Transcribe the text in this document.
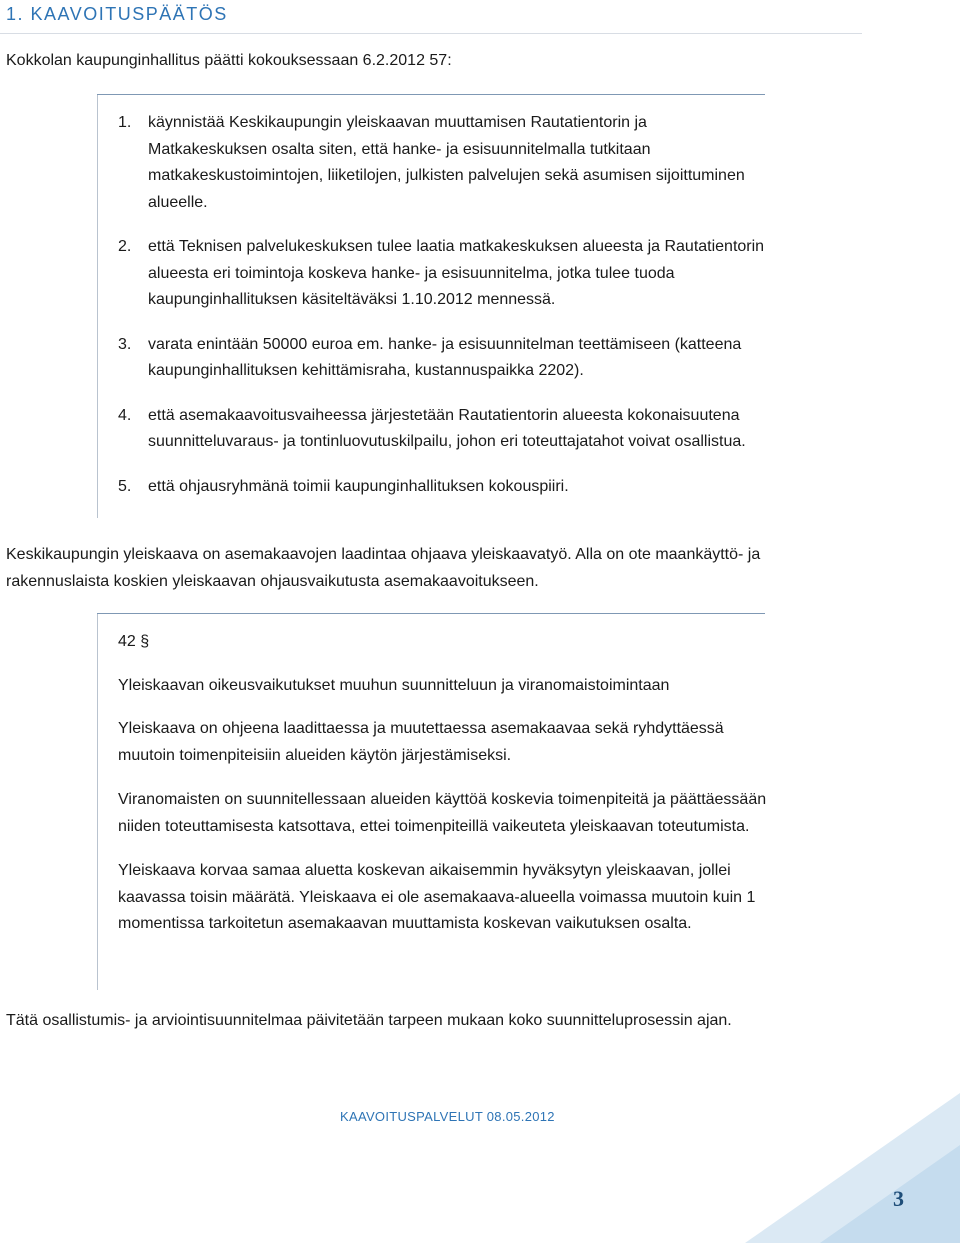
1. KAAVOITUSPÄÄTÖS

Kokkolan kaupunginhallitus päätti kokouksessaan 6.2.2012 57:

1. käynnistää Keskikaupungin yleiskaavan muuttamisen Rautatientorin ja Matkakeskuksen osalta siten, että hanke- ja esisuunnitelmalla tutkitaan matkakeskustoimintojen, liiketilojen, julkisten palvelujen sekä asumisen sijoittuminen alueelle.
2. että Teknisen palvelukeskuksen tulee laatia matkakeskuksen alueesta ja Rautatientorin alueesta eri toimintoja koskeva hanke- ja esisuunnitelma, jotka tulee tuoda kaupunginhallituksen käsiteltäväksi 1.10.2012 mennessä.
3. varata enintään 50000 euroa em. hanke- ja esisuunnitelman teettämiseen (katteena kaupunginhallituksen kehittämisraha, kustannuspaikka 2202).
4. että asemakaavoitusvaiheessa järjestetään Rautatientorin alueesta kokonaisuutena suunnitteluvaraus- ja tontinluovutuskilpailu, johon eri toteuttajatahot voivat osallistua.
5. että ohjausryhmänä toimii kaupunginhallituksen kokouspiiri.

Keskikaupungin yleiskaava on asemakaavojen laadintaa ohjaava yleiskaavatyö. Alla on ote maankäyttö- ja rakennuslaista koskien yleiskaavan ohjausvaikutusta asemakaavoitukseen.

42 §

Yleiskaavan oikeusvaikutukset muuhun suunnitteluun ja viranomaistoimintaan

Yleiskaava on ohjeena laadittaessa ja muutettaessa asemakaavaa sekä ryhdyttäessä muutoin toimenpiteisiin alueiden käytön järjestämiseksi.

Viranomaisten on suunnitellessaan alueiden käyttöä koskevia toimenpiteitä ja päättäessään niiden toteuttamisesta katsottava, ettei toimenpiteillä vaikeuteta yleiskaavan toteutumista.

Yleiskaava korvaa samaa aluetta koskevan aikaisemmin hyväksytyn yleiskaavan, jollei kaavassa toisin määrätä. Yleiskaava ei ole asemakaava-alueella voimassa muutoin kuin 1 momentissa tarkoitetun asemakaavan muuttamista koskevan vaikutuksen osalta.

Tätä osallistumis- ja arviointisuunnitelmaa päivitetään tarpeen mukaan koko suunnitteluprosessin ajan.

KAAVOITUSPALVELUT 08.05.2012

3
